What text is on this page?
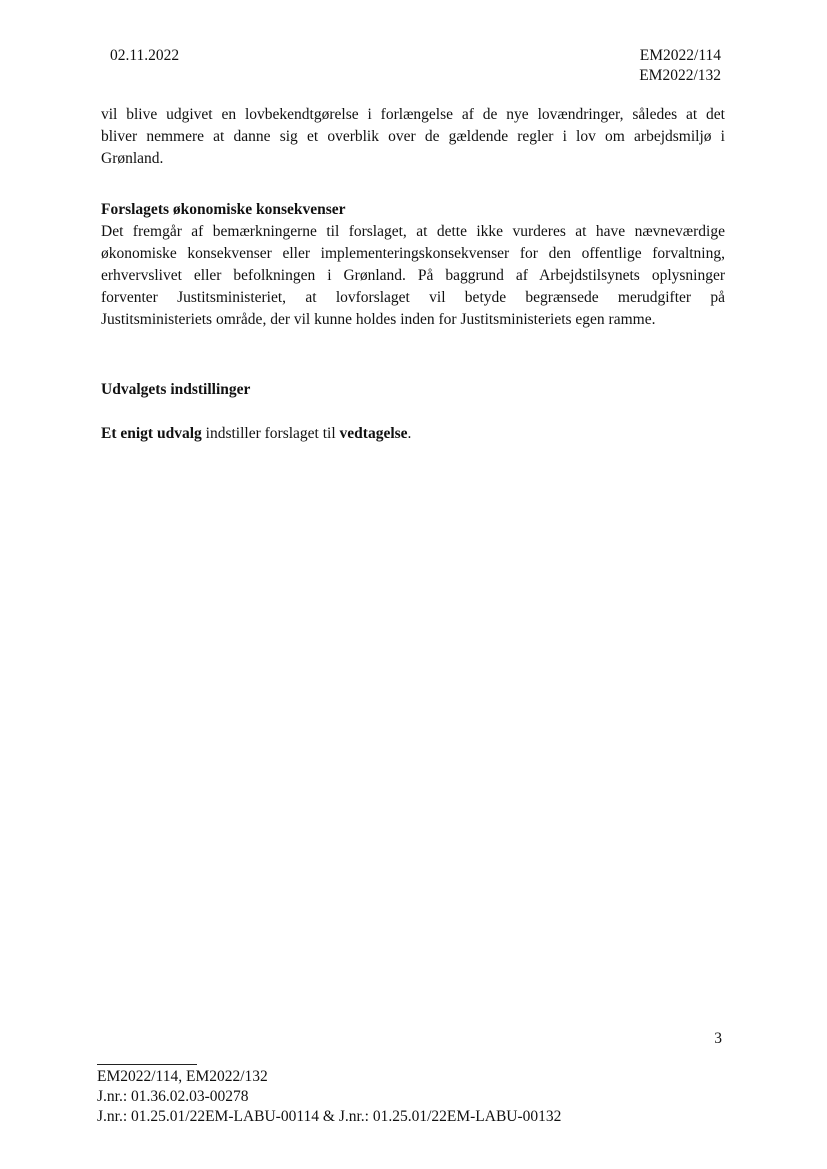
02.11.2022	EM2022/114
EM2022/132
vil blive udgivet en lovbekendtgørelse i forlængelse af de nye lovændringer, således at det
bliver nemmere at danne sig et overblik over de gældende regler i lov om arbejdsmiljø i
Grønland.
Forslagets økonomiske konsekvenser
Det fremgår af bemærkningerne til forslaget, at dette ikke vurderes at have nævneværdige
økonomiske konsekvenser eller implementeringskonsekvenser for den offentlige forvaltning,
erhvervslivet eller befolkningen i Grønland. På baggrund af Arbejdstilsynets oplysninger
forventer Justitsministeriet, at lovforslaget vil betyde begrænsede merudgifter på
Justitsministeriets område, der vil kunne holdes inden for Justitsministeriets egen ramme.
Udvalgets indstillinger
Et enigt udvalg indstiller forslaget til vedtagelse.
3
EM2022/114, EM2022/132
J.nr.: 01.36.02.03-00278
J.nr.: 01.25.01/22EM-LABU-00114 & J.nr.: 01.25.01/22EM-LABU-00132
